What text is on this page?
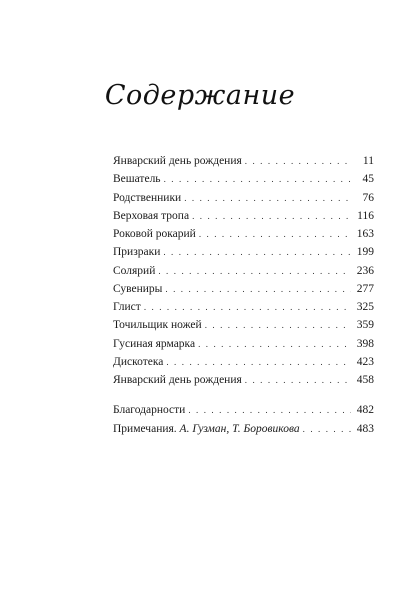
Содержание
Январский день рождения . . .	11
Вешатель . . .	45
Родственники . . .	76
Верховая тропа . . .	116
Роковой рокарий . . .	163
Призраки . . .	199
Солярий . . .	236
Сувениры . . .	277
Глист . . .	325
Точильщик ножей . . .	359
Гусиная ярмарка . . .	398
Дискотека . . .	423
Январский день рождения . . .	458
Благодарности . . .	482
Примечания. А. Гузман, Т. Боровикова . . .	483
